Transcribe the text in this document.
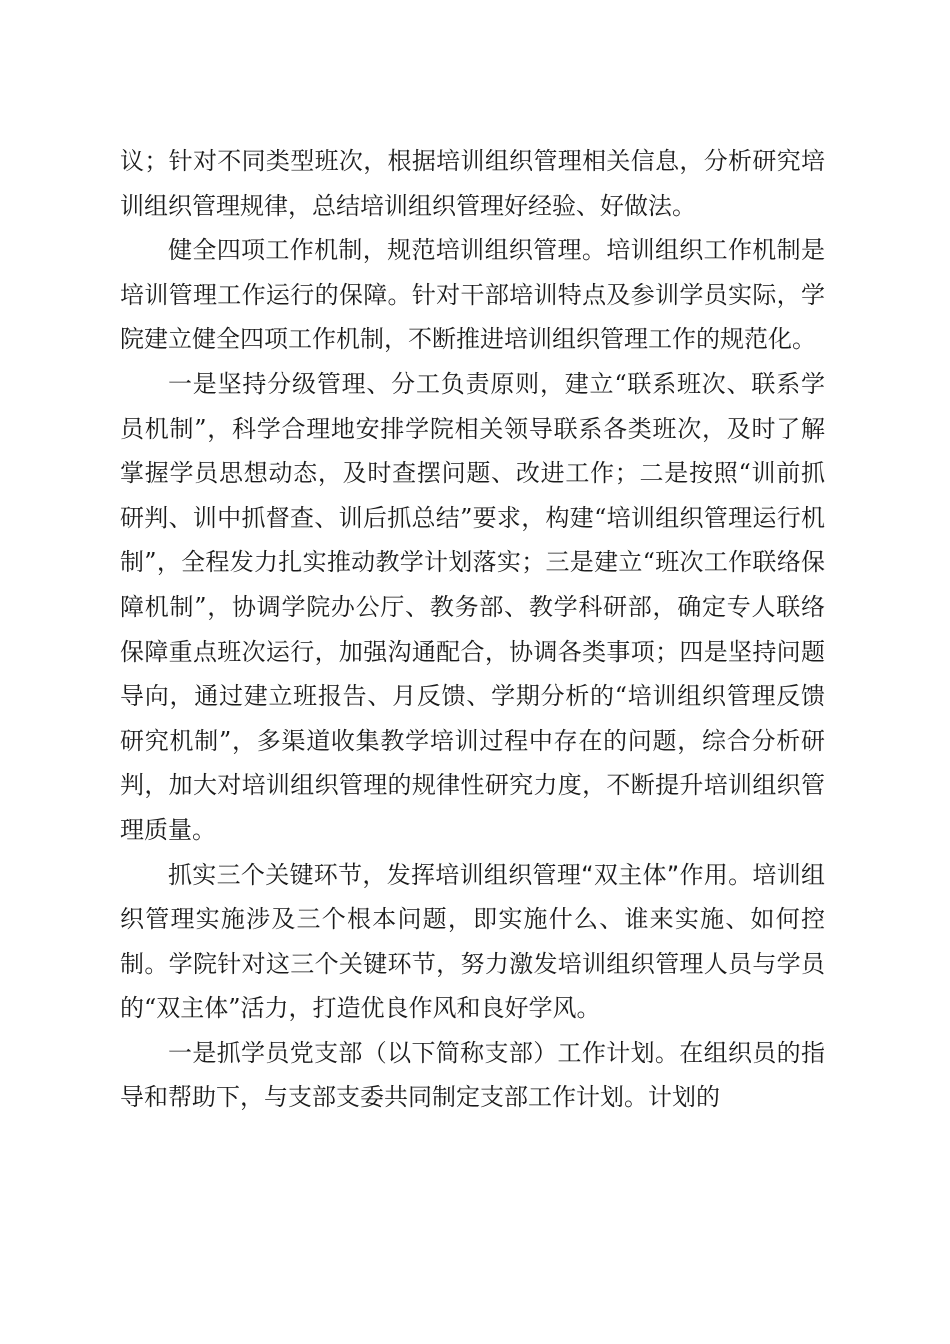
议；针对不同类型班次，根据培训组织管理相关信息，分析研究培训组织管理规律，总结培训组织管理好经验、好做法。

健全四项工作机制，规范培训组织管理。培训组织工作机制是培训管理工作运行的保障。针对干部培训特点及参训学员实际，学院建立健全四项工作机制，不断推进培训组织管理工作的规范化。

一是坚持分级管理、分工负责原则，建立“联系班次、联系学员机制”，科学合理地安排学院相关领导联系各类班次，及时了解掌握学员思想动态，及时查摆问题、改进工作；二是按照“训前抓研判、训中抓督查、训后抓总结”要求，构建“培训组织管理运行机制”，全程发力扎实推动教学计划落实；三是建立“班次工作联络保障机制”，协调学院办公厅、教务部、教学科研部，确定专人联络保障重点班次运行，加强沟通配合，协调各类事项；四是坚持问题导向，通过建立班报告、月反馈、学期分析的“培训组织管理反馈研究机制”，多渠道收集教学培训过程中存在的问题，综合分析研判，加大对培训组织管理的规律性研究力度，不断提升培训组织管理质量。

抓实三个关键环节，发挥培训组织管理“双主体”作用。培训组织管理实施涉及三个根本问题，即实施什么、谁来实施、如何控制。学院针对这三个关键环节，努力激发培训组织管理人员与学员的“双主体”活力，打造优良作风和良好学风。

一是抓学员党支部（以下简称支部）工作计划。在组织员的指导和帮助下，与支部支委共同制定支部工作计划。计划的
